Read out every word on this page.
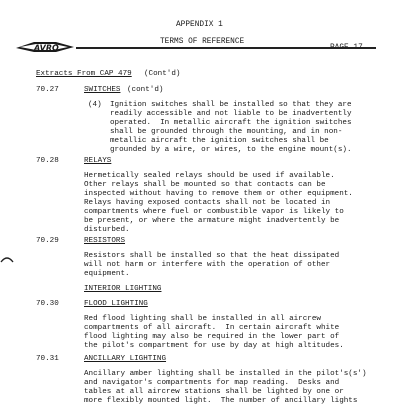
APPENDIX 1
TERMS OF REFERENCE
AVRO
Extracts From CAP 479 (Cont'd)
70.27	SWITCHES (cont'd)
(4) Ignition switches shall be installed so that they are
readily accessible and not liable to be inadvertently
operated.  In metallic aircraft the ignition switches
shall be grounded through the mounting, and in non-
metallic aircraft the ignition switches shall be
grounded by a wire, or wires, to the engine mount(s).
70.28	RELAYS
Hermetically sealed relays should be used if available.
Other relays shall be mounted so that contacts can be
inspected without having to remove them or other equipment.
Relays having exposed contacts shall not be located in
compartments where fuel or combustible vapor is likely to
be present, or where the armature might inadvertently be
disturbed.
70.29	RESISTORS
Resistors shall be installed so that the heat dissipated
will not harm or interfere with the operation of other
equipment.
INTERIOR LIGHTING
70.30	FLOOD LIGHTING
Red flood lighting shall be installed in all aircrew
compartments of all aircraft.  In certain aircraft white
flood lighting may also be required in the lower part of
the pilot's compartment for use by day at high altitudes.
70.31	ANCILLARY LIGHTING
Ancillary amber lighting shall be installed in the pilot's(s')
and navigator's compartments for map reading.  Desks and
tables at all aircrew stations shall be lighted by one or
more flexibly mounted light.  The number of ancillary lights
